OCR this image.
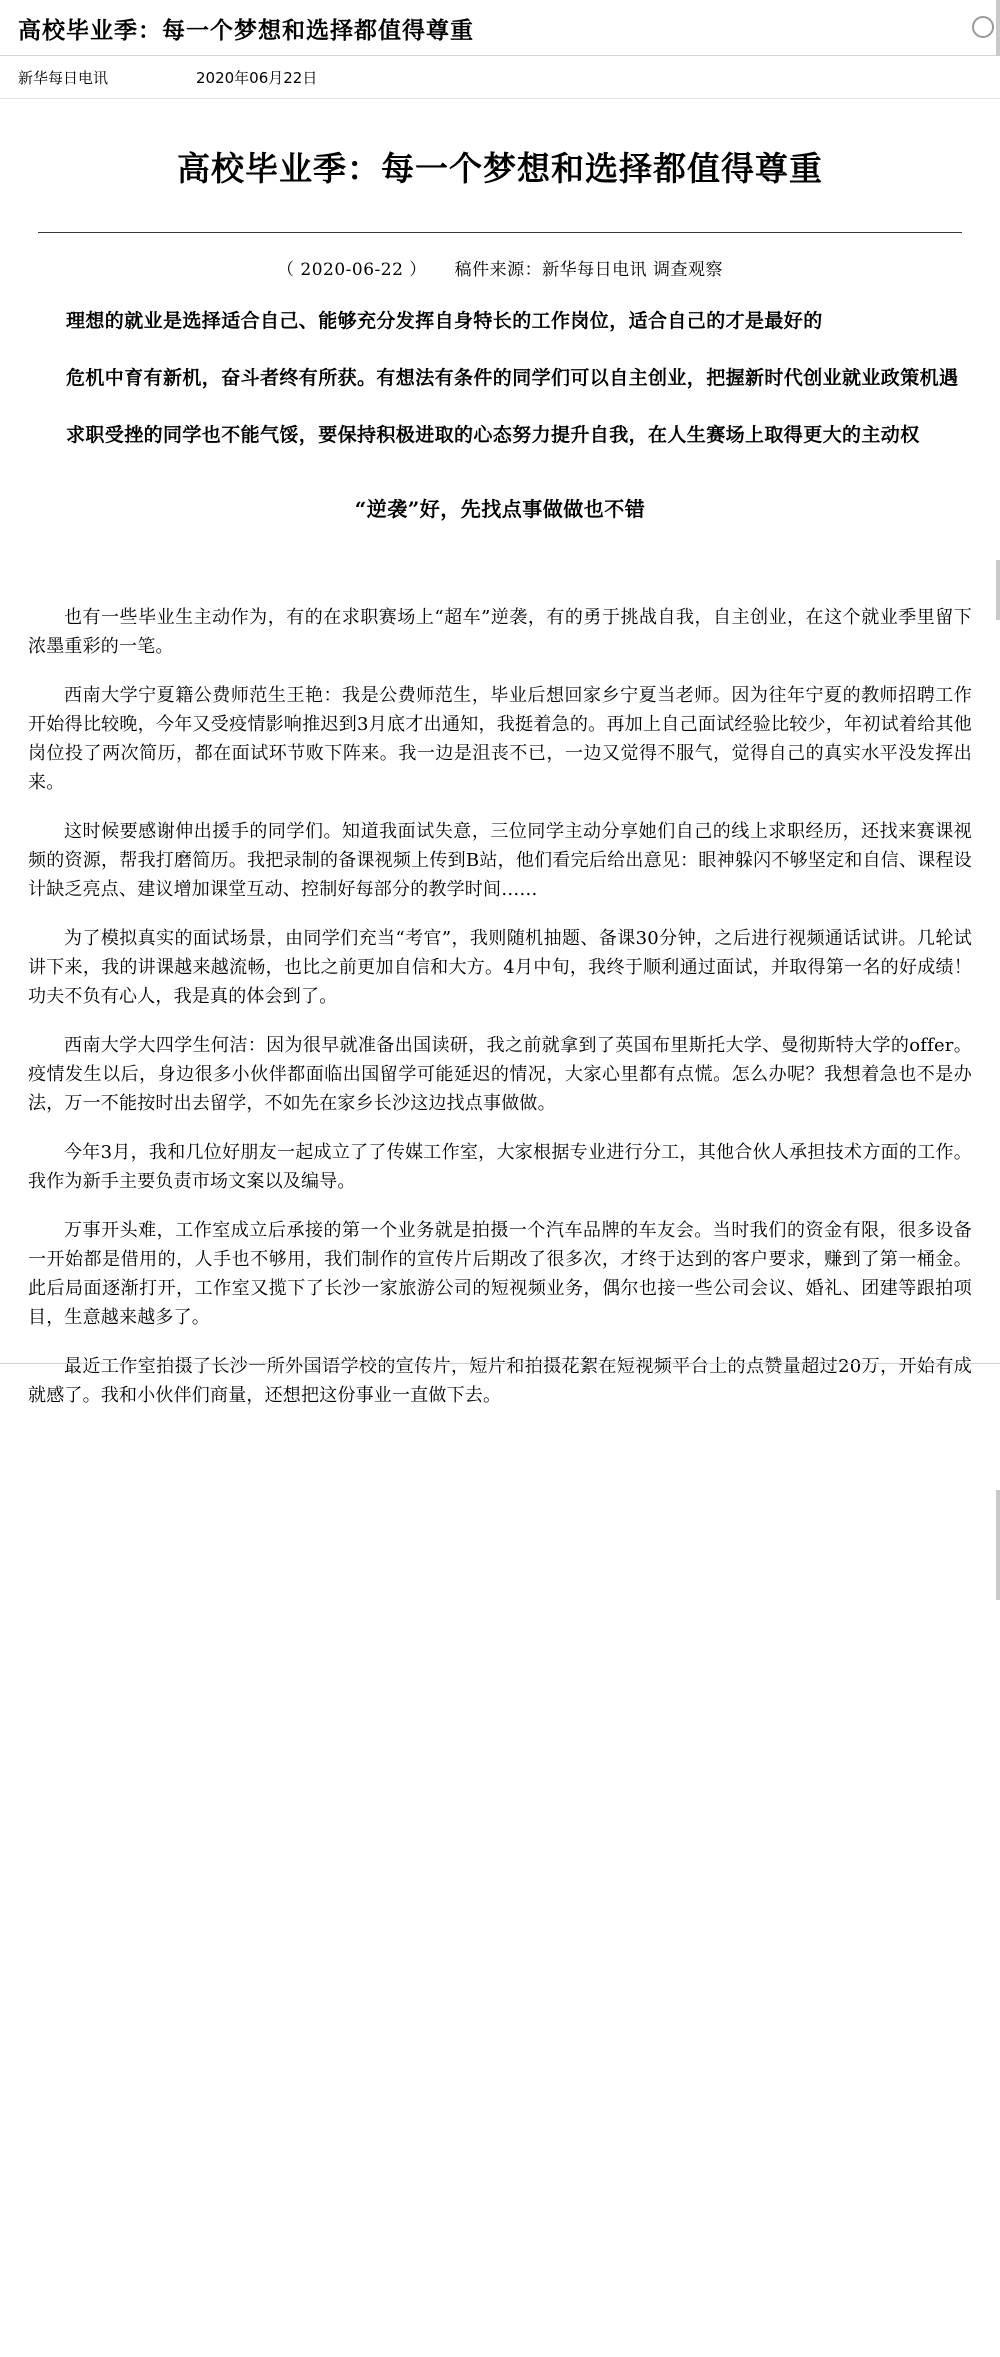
高校毕业季：每一个梦想和选择都值得尊重
新华每日电讯	2020年06月22日
高校毕业季：每一个梦想和选择都值得尊重
（ 2020-06-22 ） 稿件来源：新华每日电讯 调查观察

理想的就业是选择适合自己、能够充分发挥自身特长的工作岗位，适合自己的才是最好的

危机中育有新机，奋斗者终有所获。有想法有条件的同学们可以自主创业，把握新时代创业就业政策机遇

求职受挫的同学也不能气馁，要保持积极进取的心态努力提升自我，在人生赛场上取得更大的主动权

“逆袭”好，先找点事做做也不错

也有一些毕业生主动作为，有的在求职赛场上“超车”逆袭，有的勇于挑战自我，自主创业，在这个就业季里留下浓墨重彩的一笔。

西南大学宁夏籍公费师范生王艳：我是公费师范生，毕业后想回家乡宁夏当老师。因为往年宁夏的教师招聘工作开始得比较晚，今年又受疫情影响推迟到3月底才出通知，我挺着急的。再加上自己面试经验比较少，年初试着给其他岗位投了两次简历，都在面试环节败下阵来。我一边是沮丧不已，一边又觉得不服气，觉得自己的真实水平没发挥出来。

这时候要感谢伸出援手的同学们。知道我面试失意，三位同学主动分享她们自己的线上求职经历，还找来赛课视频的资源，帮我打磨简历。我把录制的备课视频上传到B站，他们看完后给出意见：眼神躲闪不够坚定和自信、课程设计缺乏亮点、建议增加课堂互动、控制好每部分的教学时间……

为了模拟真实的面试场景，由同学们充当“考官”，我则随机抽题、备课30分钟，之后进行视频通话试讲。几轮试讲下来，我的讲课越来越流畅，也比之前更加自信和大方。4月中旬，我终于顺利通过面试，并取得第一名的好成绩！功夫不负有心人，我是真的体会到了。

西南大学大四学生何洁：因为很早就准备出国读研，我之前就拿到了英国布里斯托大学、曼彻斯特大学的offer。疫情发生以后，身边很多小伙伴都面临出国留学可能延迟的情况，大家心里都有点慌。怎么办呢？我想着急也不是办法，万一不能按时出去留学，不如先在家乡长沙这边找点事做做。

今年3月，我和几位好朋友一起成立了了传媒工作室，大家根据专业进行分工，其他合伙人承担技术方面的工作。我作为新手主要负责市场文案以及编导。

万事开头难，工作室成立后承接的第一个业务就是拍摄一个汽车品牌的车友会。当时我们的资金有限，很多设备一开始都是借用的，人手也不够用，我们制作的宣传片后期改了很多次，才终于达到的客户要求，赚到了第一桶金。此后局面逐渐打开，工作室又揽下了长沙一家旅游公司的短视频业务，偶尔也接一些公司会议、婚礼、团建等跟拍项目，生意越来越多了。

最近工作室拍摄了长沙一所外国语学校的宣传片，短片和拍摄花絮在短视频平台上的点赞量超过20万，开始有成就感了。我和小伙伴们商量，还想把这份事业一直做下去。
